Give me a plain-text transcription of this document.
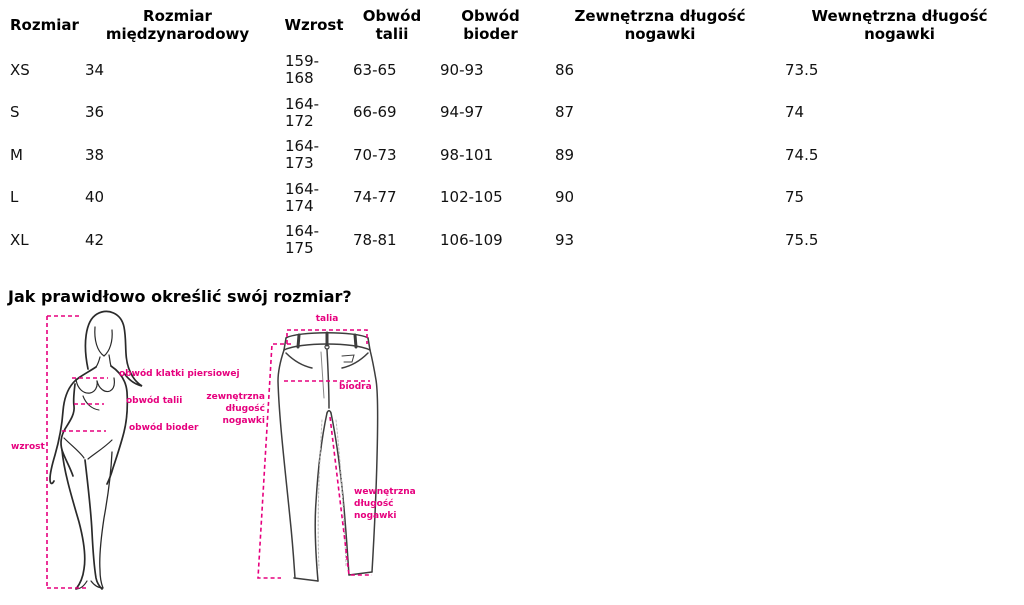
Rozmiar	Rozmiar międzynarodowy	Wzrost	Obwód talii	Obwód bioder	Zewnętrzna długość nogawki	Wewnętrzna długość nogawki
XS	34	159-168	63-65	90-93	86	73.5
S	36	164-172	66-69	94-97	87	74
M	38	164-173	70-73	98-101	89	74.5
L	40	164-174	74-77	102-105	90	75
XL	42	164-175	78-81	106-109	93	75.5
Jak prawidłowo określić swój rozmiar?
obwód klatki piersiowej
obwód talii
obwód bioder
wzrost
talia
biodra
zewnętrzna długość nogawki
wewnętrzna długość nogawki
